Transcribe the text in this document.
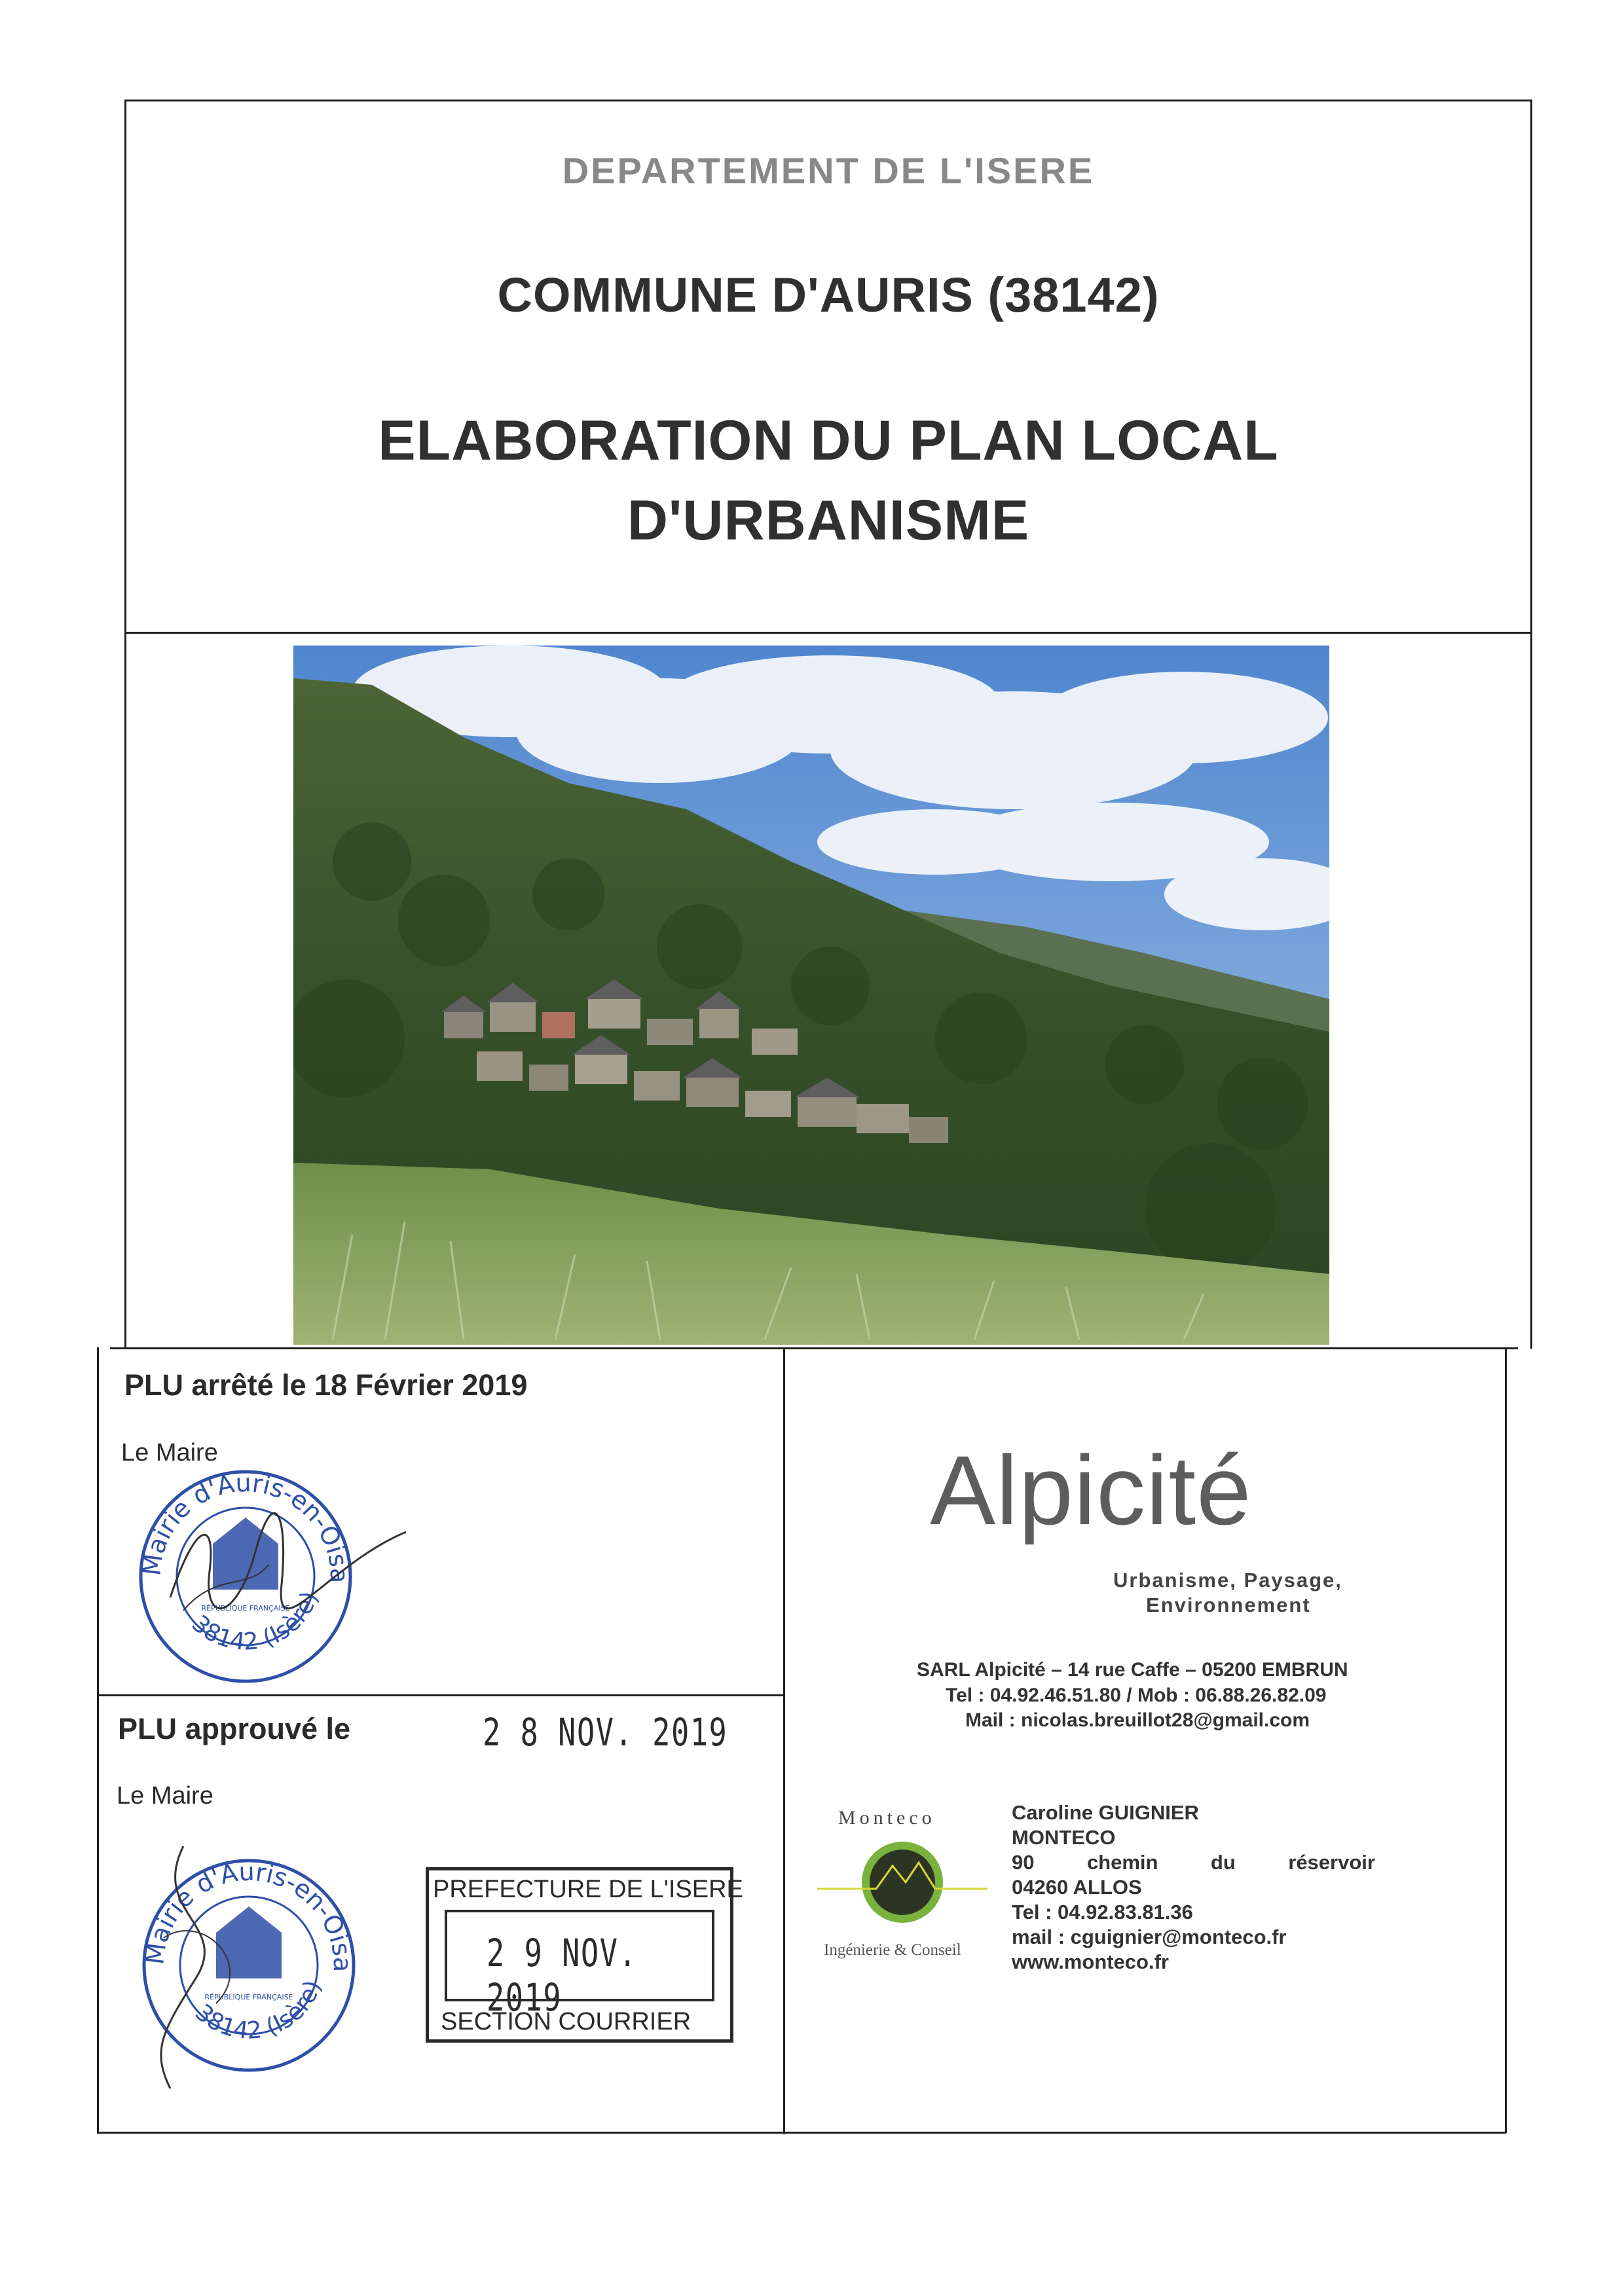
DEPARTEMENT DE L'ISERE
COMMUNE D'AURIS (38142)
ELABORATION DU PLAN LOCAL
D'URBANISME
PLU arrêté le 18 Février 2019
Le Maire
Mairie d'Auris-en-Oisa
38142 (Isère)
RÉPUBLIQUE FRANÇAISE
PLU approuvé le	2 8 NOV. 2019
Le Maire
Mairie d'Auris-en-Oisa
38142 (Isère)
RÉPUBLIQUE FRANÇAISE
PREFECTURE DE L'ISERE
2 9 NOV. 2019
SECTION COURRIER
Alpicité
Urbanisme, Paysage,
Environnement
SARL Alpicité – 14 rue Caffe – 05200 EMBRUN
Tel : 04.92.46.51.80 / Mob : 06.88.26.82.09
Mail : nicolas.breuillot28@gmail.com
Monteco
Ingénierie & Conseil
Caroline GUIGNIER
MONTECO
90	chemin	du	réservoir
04260 ALLOS
Tel : 04.92.83.81.36
mail : cguignier@monteco.fr
www.monteco.fr
